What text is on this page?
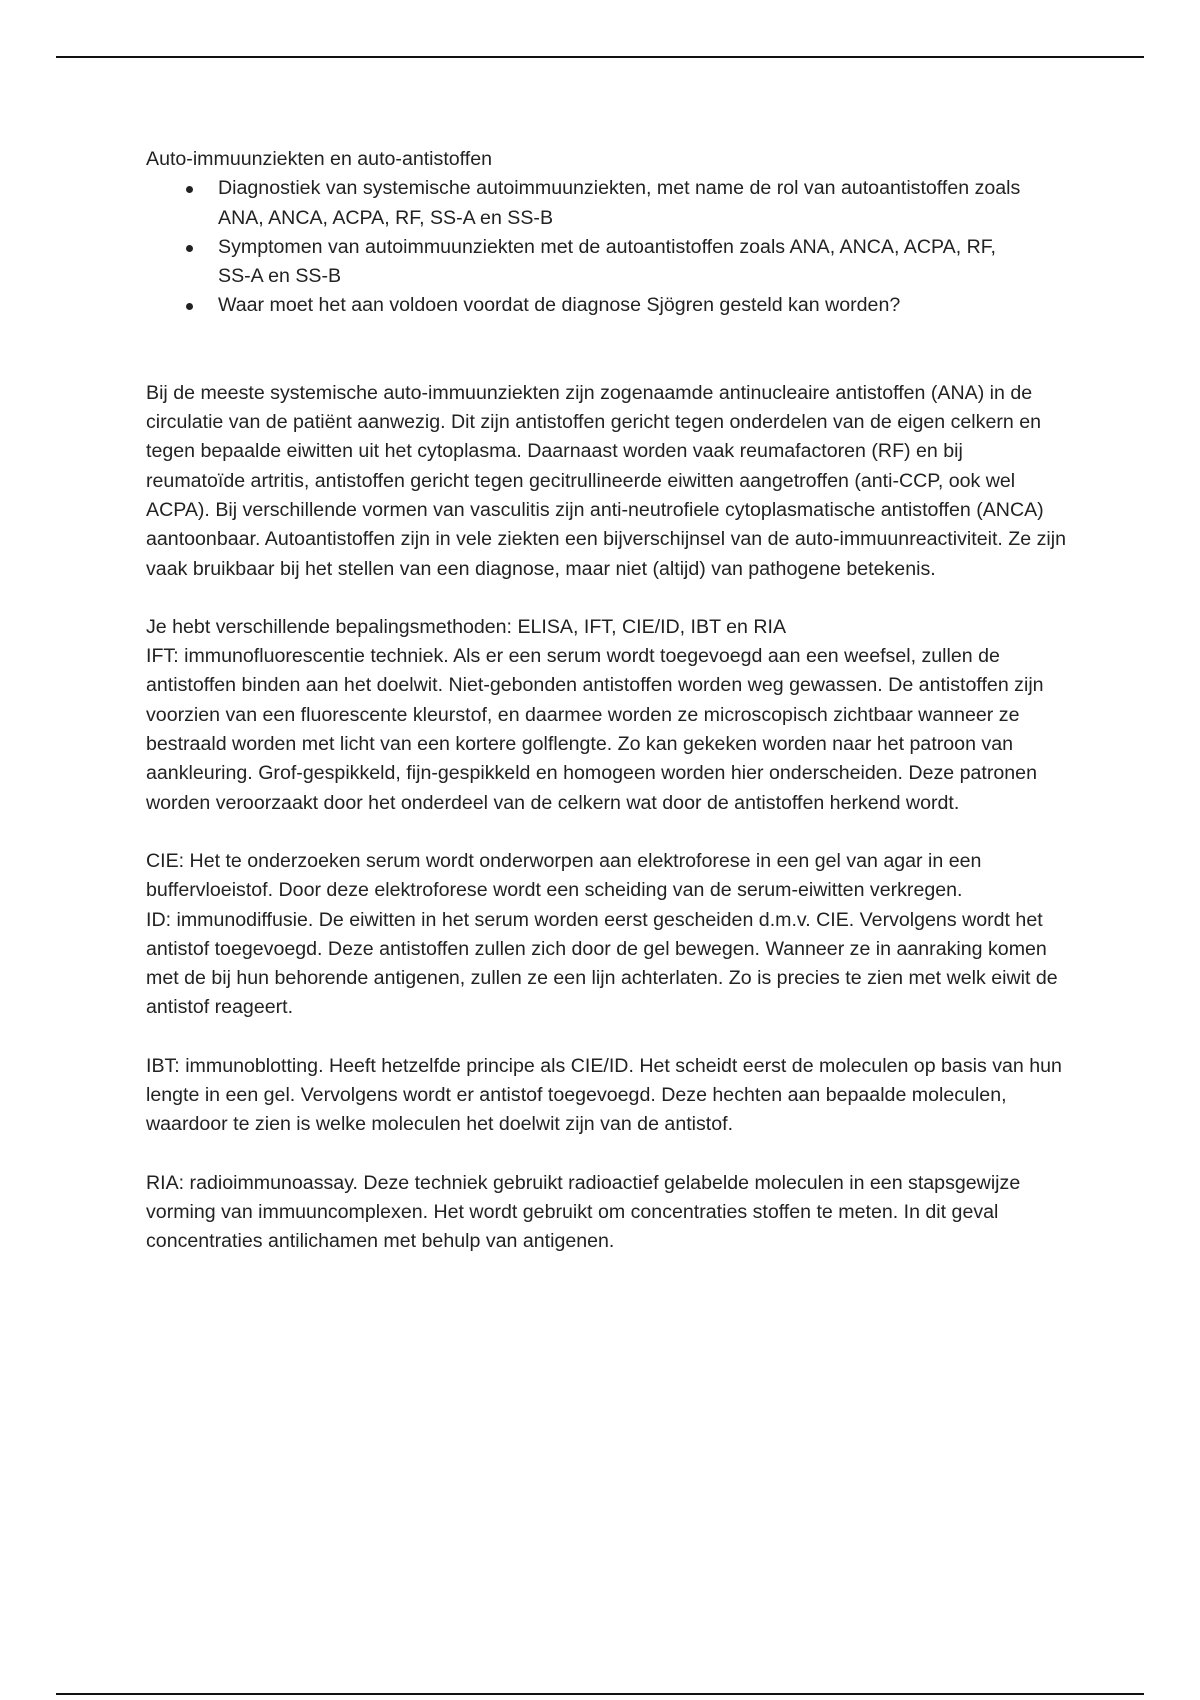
Auto-immuunziekten en auto-antistoffen

Diagnostiek van systemische autoimmuunziekten, met name de rol van autoantistoffen zoals ANA, ANCA, ACPA, RF, SS-A en SS-B
Symptomen van autoimmuunziekten met de autoantistoffen zoals ANA, ANCA, ACPA, RF, SS-A en SS-B
Waar moet het aan voldoen voordat de diagnose Sjögren gesteld kan worden?

Bij de meeste systemische auto-immuunziekten zijn zogenaamde antinucleaire antistoffen (ANA) in de circulatie van de patiënt aanwezig. Dit zijn antistoffen gericht tegen onderdelen van de eigen celkern en tegen bepaalde eiwitten uit het cytoplasma. Daarnaast worden vaak reumafactoren (RF) en bij reumatoïde artritis, antistoffen gericht tegen gecitrullineerde eiwitten aangetroffen (anti-CCP, ook wel ACPA). Bij verschillende vormen van vasculitis zijn anti-neutrofiele cytoplasmatische antistoffen (ANCA) aantoonbaar. Autoantistoffen zijn in vele ziekten een bijverschijnsel van de auto-immuunreactiviteit. Ze zijn vaak bruikbaar bij het stellen van een diagnose, maar niet (altijd) van pathogene betekenis.

Je hebt verschillende bepalingsmethoden: ELISA, IFT, CIE/ID, IBT en RIA

IFT: immunofluorescentie techniek. Als er een serum wordt toegevoegd aan een weefsel, zullen de antistoffen binden aan het doelwit. Niet-gebonden antistoffen worden weg gewassen. De antistoffen zijn voorzien van een fluorescente kleurstof, en daarmee worden ze microscopisch zichtbaar wanneer ze bestraald worden met licht van een kortere golflengte. Zo kan gekeken worden naar het patroon van aankleuring. Grof-gespikkeld, fijn-gespikkeld en homogeen worden hier onderscheiden. Deze patronen worden veroorzaakt door het onderdeel van de celkern wat door de antistoffen herkend wordt.

CIE: Het te onderzoeken serum wordt onderworpen aan elektroforese in een gel van agar in een buffervloeistof. Door deze elektroforese wordt een scheiding van de serum-eiwitten verkregen.

ID: immunodiffusie. De eiwitten in het serum worden eerst gescheiden d.m.v. CIE. Vervolgens wordt het antistof toegevoegd. Deze antistoffen zullen zich door de gel bewegen. Wanneer ze in aanraking komen met de bij hun behorende antigenen, zullen ze een lijn achterlaten. Zo is precies te zien met welk eiwit de antistof reageert.

IBT: immunoblotting. Heeft hetzelfde principe als CIE/ID. Het scheidt eerst de moleculen op basis van hun lengte in een gel. Vervolgens wordt er antistof toegevoegd. Deze hechten aan bepaalde moleculen, waardoor te zien is welke moleculen het doelwit zijn van de antistof.

RIA: radioimmunoassay. Deze techniek gebruikt radioactief gelabelde moleculen in een stapsgewijze vorming van immuuncomplexen. Het wordt gebruikt om concentraties stoffen te meten. In dit geval concentraties antilichamen met behulp van antigenen.
